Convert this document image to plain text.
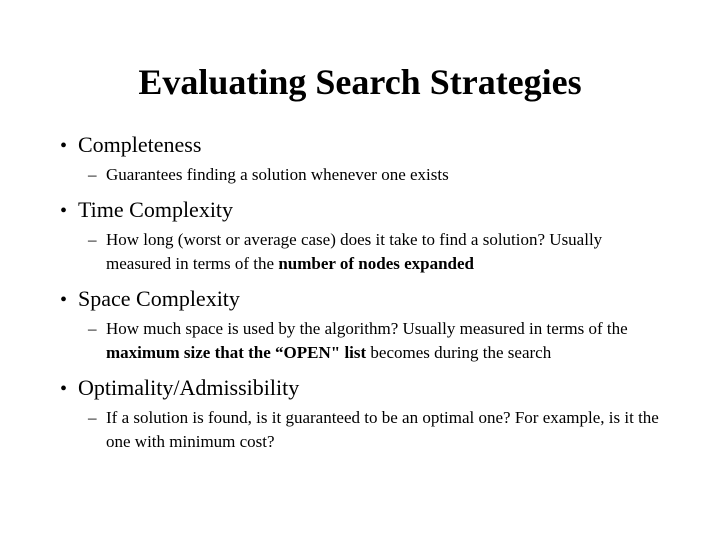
Evaluating Search Strategies
• Completeness
– Guarantees finding a solution whenever one exists
• Time Complexity
– How long (worst or average case) does it take to find a solution? Usually measured in terms of the number of nodes expanded
• Space Complexity
– How much space is used by the algorithm? Usually measured in terms of the maximum size that the “OPEN" list becomes during the search
• Optimality/Admissibility
– If a solution is found, is it guaranteed to be an optimal one? For example, is it the one with minimum cost?
